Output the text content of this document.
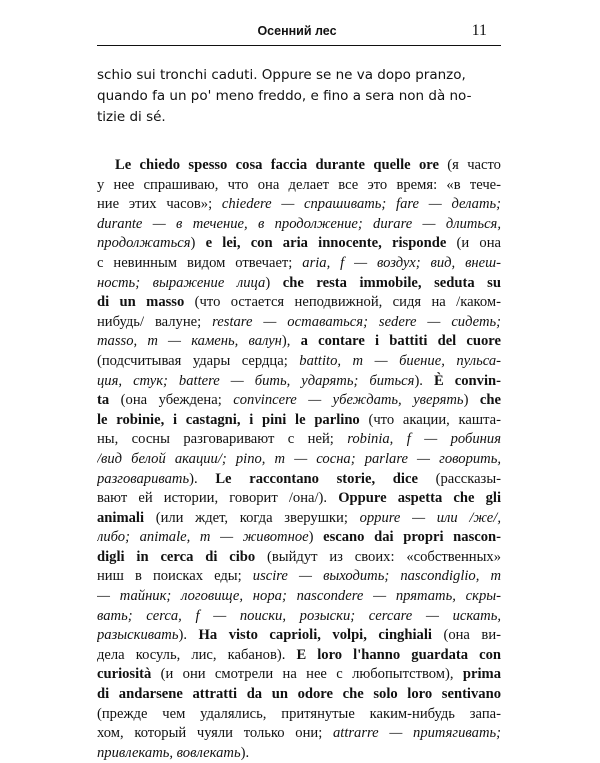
Осенний лес	11
schio sui tronchi caduti. Oppure se ne va dopo pranzo,
quando fa un po' meno freddo, e fino a sera non dà no-
tizie di sé.
Le chiedo spesso cosa faccia durante quelle ore (я часто
у нее спрашиваю, что она делает все это время: «в тече-
ние этих часов»; chiedere — спрашивать; fare — делать;
durante — в течение, в продолжение; durare — длиться,
продолжаться) e lei, con aria innocente, risponde (и она
с невинным видом отвечает; aria, f — воздух; вид, внеш-
ность; выражение лица) che resta immobile, seduta su
di un masso (что остается неподвижной, сидя на /каком-
нибудь/ валуне; restare — оставаться; sedere — сидеть;
masso, m — камень, валун), a contare i battiti del cuore
(подсчитывая удары сердца; battito, m — биение, пульса-
ция, стук; battere — бить, ударять; биться). È convin-
ta (она убеждена; convincere — убеждать, уверять) che
le robinie, i castagni, i pini le parlino (что акации, кашта-
ны, сосны разговаривают с ней; robinia, f — робиния
/вид белой акации/; pino, m — сосна; parlare — говорить,
разговаривать). Le raccontano storie, dice (рассказы-
вают ей истории, говорит /она/). Oppure aspetta che gli
animali (или ждет, когда зверушки; oppure — или /же/,
либо; animale, m — животное) escano dai propri nascon-
digli in cerca di cibo (выйдут из своих: «собственных»
ниш в поисках еды; uscire — выходить; nascondiglio, m
— тайник; логовище, нора; nascondere — прятать, скры-
вать; cerca, f — поиски, розыски; cercare — искать,
разыскивать). Ha visto caprioli, volpi, cinghiali (она ви-
дела косуль, лис, кабанов). E loro l'hanno guardata con
curiosità (и они смотрели на нее с любопытством), prima
di andarsene attratti da un odore che solo loro sentivano
(прежде чем удалялись, притянутые каким-нибудь запа-
хом, который чуяли только они; attrarre — притягивать;
привлекать, вовлекать).
